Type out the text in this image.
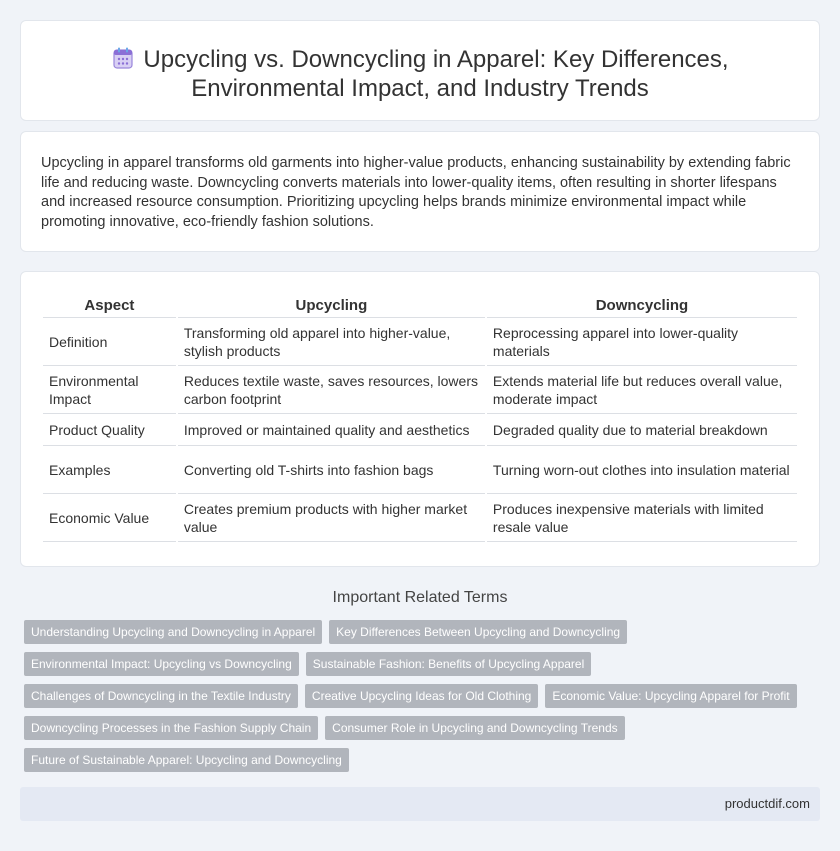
Upcycling vs. Downcycling in Apparel: Key Differences,
Environmental Impact, and Industry Trends

Upcycling in apparel transforms old garments into higher-value products, enhancing sustainability by extending fabric life and reducing waste. Downcycling converts materials into lower-quality items, often resulting in shorter lifespans and increased resource consumption. Prioritizing upcycling helps brands minimize environmental impact while promoting innovative, eco-friendly fashion solutions.

Aspect	Upcycling	Downcycling
Definition	Transforming old apparel into higher-value, stylish products	Reprocessing apparel into lower-quality materials
Environmental Impact	Reduces textile waste, saves resources, lowers carbon footprint	Extends material life but reduces overall value, moderate impact
Product Quality	Improved or maintained quality and aesthetics	Degraded quality due to material breakdown
Examples	Converting old T-shirts into fashion bags	Turning worn-out clothes into insulation material
Economic Value	Creates premium products with higher market value	Produces inexpensive materials with limited resale value
Important Related Terms
Understanding Upcycling and Downcycling in Apparel Key Differences Between Upcycling and Downcycling
Environmental Impact: Upcycling vs Downcycling Sustainable Fashion: Benefits of Upcycling Apparel
Challenges of Downcycling in the Textile Industry Creative Upcycling Ideas for Old Clothing Economic Value: Upcycling Apparel for Profit
Downcycling Processes in the Fashion Supply Chain Consumer Role in Upcycling and Downcycling Trends
Future of Sustainable Apparel: Upcycling and Downcycling
productdif.com
